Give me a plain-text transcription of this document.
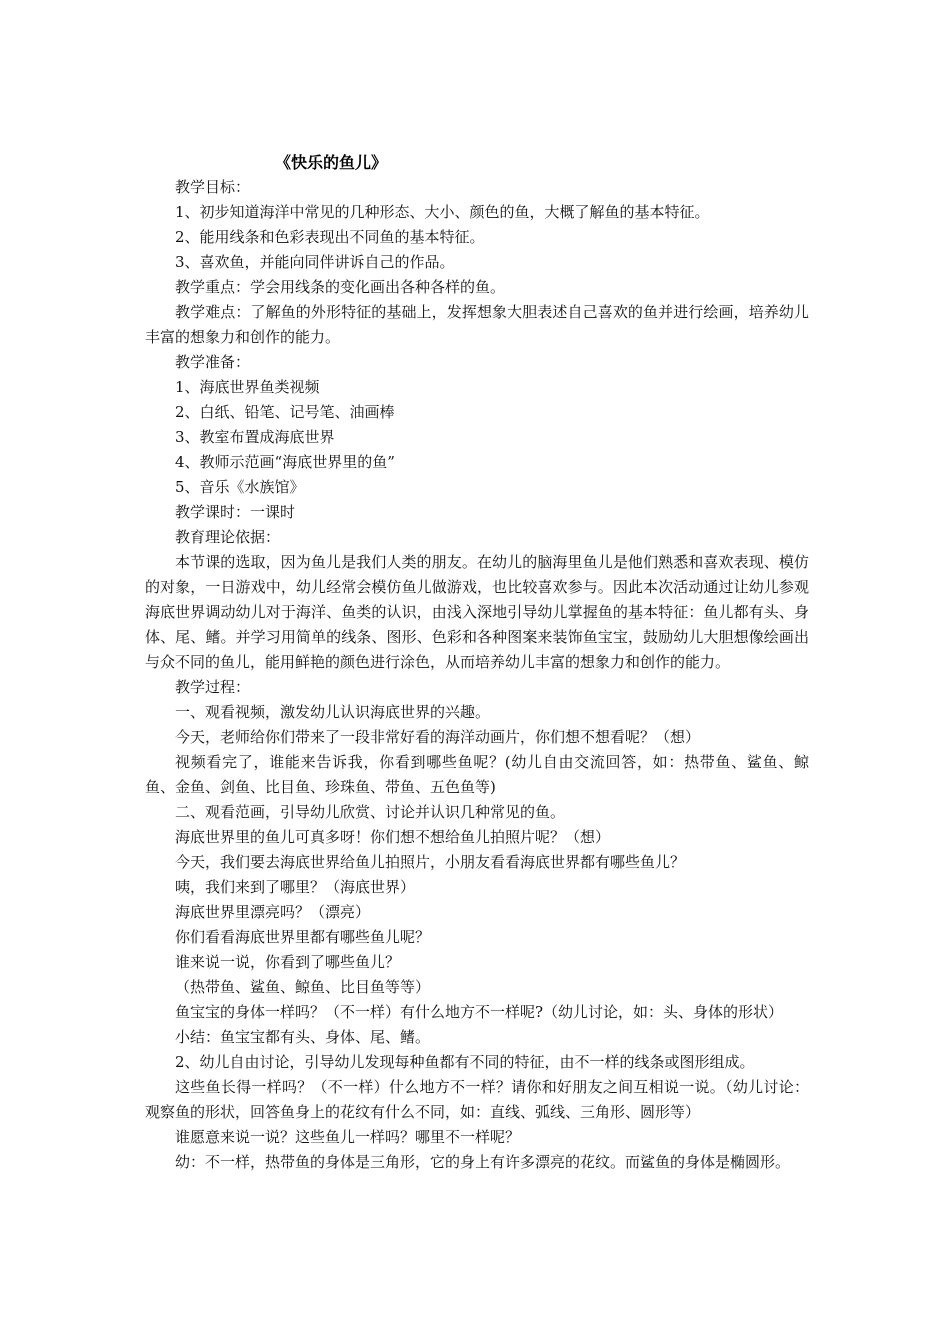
《快乐的鱼儿》

教学目标：

1、初步知道海洋中常见的几种形态、大小、颜色的鱼，大概了解鱼的基本特征。

2、能用线条和色彩表现出不同鱼的基本特征。

3、喜欢鱼，并能向同伴讲诉自己的作品。

教学重点：学会用线条的变化画出各种各样的鱼。

教学难点：了解鱼的外形特征的基础上，发挥想象大胆表述自己喜欢的鱼并进行绘画，培养幼儿丰富的想象力和创作的能力。

教学准备：

1、海底世界鱼类视频

2、白纸、铅笔、记号笔、油画棒

3、教室布置成海底世界

4、教师示范画“海底世界里的鱼”

5、音乐《水族馆》

教学课时：一课时

教育理论依据：

本节课的选取，因为鱼儿是我们人类的朋友。在幼儿的脑海里鱼儿是他们熟悉和喜欢表现、模仿的对象，一日游戏中，幼儿经常会模仿鱼儿做游戏，也比较喜欢参与。因此本次活动通过让幼儿参观海底世界调动幼儿对于海洋、鱼类的认识，由浅入深地引导幼儿掌握鱼的基本特征：鱼儿都有头、身体、尾、鳍。并学习用简单的线条、图形、色彩和各种图案来装饰鱼宝宝，鼓励幼儿大胆想像绘画出与众不同的鱼儿，能用鲜艳的颜色进行涂色，从而培养幼儿丰富的想象力和创作的能力。

教学过程：

一、观看视频，激发幼儿认识海底世界的兴趣。

今天，老师给你们带来了一段非常好看的海洋动画片，你们想不想看呢？（想）

视频看完了，谁能来告诉我，你看到哪些鱼呢？(幼儿自由交流回答，如：热带鱼、鲨鱼、鲸鱼、金鱼、剑鱼、比目鱼、珍珠鱼、带鱼、五色鱼等)

二、观看范画，引导幼儿欣赏、讨论并认识几种常见的鱼。

海底世界里的鱼儿可真多呀！你们想不想给鱼儿拍照片呢？（想）

今天，我们要去海底世界给鱼儿拍照片，小朋友看看海底世界都有哪些鱼儿？

咦，我们来到了哪里？（海底世界）

海底世界里漂亮吗？（漂亮）

你们看看海底世界里都有哪些鱼儿呢？

谁来说一说，你看到了哪些鱼儿？

（热带鱼、鲨鱼、鲸鱼、比目鱼等等）

鱼宝宝的身体一样吗？（不一样）有什么地方不一样呢?（幼儿讨论，如：头、身体的形状）

小结：鱼宝宝都有头、身体、尾、鳍。

2、幼儿自由讨论，引导幼儿发现每种鱼都有不同的特征，由不一样的线条或图形组成。

这些鱼长得一样吗？（不一样）什么地方不一样？请你和好朋友之间互相说一说。（幼儿讨论：观察鱼的形状，回答鱼身上的花纹有什么不同，如：直线、弧线、三角形、圆形等）

谁愿意来说一说？这些鱼儿一样吗？哪里不一样呢？

幼：不一样，热带鱼的身体是三角形，它的身上有许多漂亮的花纹。而鲨鱼的身体是椭圆形。
